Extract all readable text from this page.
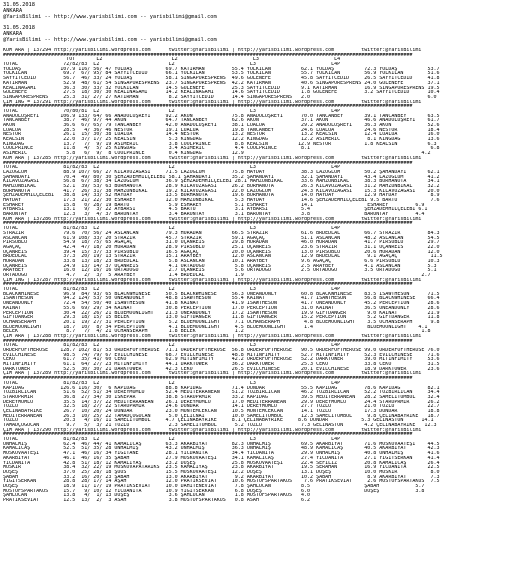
31.05.2018
ANKARA
@YarisBilimi -- http://www.yarisbilimi.com -- yarisbilimi@gmail.com
31.05.2018
ANKARA
@YarisBilimi -- http://www.yarisbilimi.com -- yarisbilimi@gmail.com
KUM ARA | 137294 http://yarisbilimi.wordpress.com      twitter:@YarisBilimi | http://yarisbilimi.wordpress.com         twitter:@YarisBilimi
########################################################################################################################################
TOT       L2                       L2                         L3                         L4
TOTAL               72/82/83  L2                       L2                         L3                         L4P
YOLDAŞ             107.9 116/ 56/ 47 YOLDAŞ           69.7 KATIRMAN         55.4 YOLKILAN          62.1 YOLDAŞ          72.3 YOLDAŞ          53.7
YOLKILAN            69.7  67/ 95/ 84 SAYYİTCEDİD      66.1 YOLKILAN         53.5 YOLKILAN          55.7 YOLKILAN        56.9 YOLKILAN        51.6
SAYYİTCEDİD         56.7  46/ 33/ 24 YOLDAŞ           58.1 SİNGAPORESPRENS  49.6 GÜLENEFE          45.8 SAYYİTCEDİD     26.5 SAYYİTCEDİD     41.8
KATIRMAN            52.9  48/ 61/ 54 SİNGAPORESPRENS  23.7 SİNGAPORESPRENS  42.2 KATIRMAN          40.6 SİNGAPORESPRENS 24.0 GÜLENEFE        37.1
KEALINAGAMI         36.3  30/ 33/ 32 YOLKILAN         14.5 GÜLENEFE         25.3 SAYYİTCEDİD       9.1 KATIRMAN         16.9 SİNGAPORESPRENS 19.5
GÜLENEFE            27.5  18/ 30/ 30 KEALINAGAMI      14.2 KEALINAGAMI      14.6 SAYYİTCEDİD       1.8 GÜLENEFE         3.2 SAYYİTCEDİD      10.4
SİNGAPORESPRENS     25.3  31/ 27/ 27 KATIRMAN          8.2 SAYYİTCEDİD      14.4 SİNGAPORESPRENS   2.0                                       6.0
ÇİM İNG = 137291 http://yarisbilimi.wordpress.com      twitter:@YarisBilimi | http://yarisbilimi.wordpress.com         twitter:@YarisBilimi
########################################################################################################################################
TOTAL               70/80/81  L2                       L2                         L3                         L4P
ANADOLUŞREYİ       106.9 133/ 64/ 66 ANADOLUŞREYİ     92.2 AKON             75.8 ANADOLUŞREYİ      70.0 TANCANBEY       39.1 TANCANBEY       63.5
TANCANBEY           38.7  46/ 97/ 44 AKON             64.7 TANCANBEY        62.6 AKON              37.1 AKON            46.6 ANADOLUŞREYİ    61.7
AKON                36.6  67/ 65/ 79 TANCANBEY        42.0 ANADOLUŞREYİ     38.1 LUALUA            29.2 ANADOLUŞREYİ    36.3 AKON            52.6
LUALUA              28.5   4/ 36/ 46 NESTOR           19.1 LUALUA           19.8 TANCANBEY         24.6 LUALUA          24.6 NESTOR          18.4
NESTOR              26.1  15/ 30/ 38 LUALUA           14.4 NESTOR           13.2 NESTOR            13.2 KEALSIN         12.4 LUALUA          16.0
KEALSIN             22.0  37/ 17/ 25 KEALSIN           5.3 KINGDAĞ          12.2 KINGDAĞ           12.2 ASİMERİC         8.1 KINGDAĞ         13.6
KINGDAĞ             13.7   7/  9/ 19 ASİMERİC          3.8 COOLPRINCE        8.8 KEALSIN          12.9 NESTOR           1.8 KEALSIN          6.3
COOLPRINCE          11.8   4/  5/ 25 KINGDAĞ           3.4 ASİMERİC          4.4 COOLPRINCE        8.1                                        6.8
ASİMERİC             5.8   6/  9/  8 COOLPRINCE        0.4 KINGDAĞ          12.9                                                           4.2
KUM ARA | 137285 http://yarisbilimi.wordpress.com      twitter:@YarisBilimi | http://yarisbilimi.wordpress.com         twitter:@YarisBilimi
########################################################################################################################################
TOTAL               81/82/83  L2                       L2                         L3                         L4P
LAZOĞLUM            88.9 107/ 66/ 27 KILAVUZAĞASI     71.5 LAZOĞLUM         75.8 HAYDAY            38.3 LAZOĞLUM        50.2 ŞAHANDAYI       62.1
ŞAHANDAYI           70.4  49/ 80/ 30 ŞEHZADEMHİLÇELEBİ 58.1 ŞAHANDAYI       35.2 ŞAHANDAYI         32.1 ŞAHANDAYI       43.4 LAZOĞLUM        41.2
KILAVUZAĞASI        56.8  67/ 38/ 34 LAZOĞLUM         36.9 ŞEHZADEMHİLÇELEBİ 28.1 MAHZUNBİKAL      33.6 MAHZUNBİKAL     38.3 BURHANOTA       34.1
MAHZUNBİKAL         52.1  39/ 53/ 63 BURHANOTA        28.9 KILAVUZAĞASI     26.2 BURHANOTA         26.3 KILAVUZAĞASI    31.2 MAHZUNBİKAL     32.2
BURHANOTA           41.7  26/ 31/ 38 MAHZUNBİKAL      19.2 KILAVUZAĞASI     22.0 LAZOĞLUM          24.3 KILAVUZAĞASI    15.3 KILAVUZAĞASI    20.0
ŞEHZADEMHİLÇELEBİ   38.8  14/ 33/ 52 HAYDAY           13.5 BURHANOTA        19.6 BURHANOTA         14.0 HAYDAY          12.9 HAYDAY           8.9
HAYDAY              17.3  21/ 22/ 30 ESHAREY          12.0 MAHZUNBİKAL       5.3 HAYDAY            14.6 ŞEHZADEMHİLÇELEBİ 9.5 BARTU           7.6
ESHAREY             15.8   0/ 28/ 19 BARTU             5.9 ESHAREY           5.1 ESHAREY           14.1                  ESHAREY         6.9
AYBARSI             13.1   9/  3/ 22 AYBARSI           4.5 BARTU             3.1 AYBARSI           5.4                  ŞEHZADEMHİLÇELEBİ 6.1
BARONTAY            12.3   3/  4/ 37 BARONTAY          3.4 BARONTAY          3.1 BARONTAY          3.8                  BARONTAY         4.4
KUM ARA | 137286 http://yarisbilimi.wordpress.com      twitter:@YarisBilimi | http://yarisbilimi.wordpress.com         twitter:@YarisBilimi
########################################################################################################################################
TOTAL               81/82/83  L2                       L2                         L3                         L4P
STRAZİR             79.6  70/ 56/ 24 ASLANCAN         79.3 HURADAN          66.5 STRAZİR           61.6 BRDEDLAL        66.7 STRAZİR         84.3
ASLANCAN            61.9 108/ 33/ 20 STRAZİR          45.7 STRAZİR          59.1 AĞAÇAÇ            51.1 ASLANCAN        48.2 ASLANCAN        54.5
PİRSUBLU            54.9  18/ 75/ 65 AĞAÇAÇ           31.0 UÇANREİS         29.8 HURADAN           46.0 HURADAN         41.7 PİRSUBLU        29.7
AĞAÇAÇ              42.4  47/ 18/ 20 HURADAN          28.9 PİRSUBLU         25.1 UÇANREİS          23.6 STRAZİR         31.1 UÇANREİS        22.0
UÇANREİS            39.4  15/ 37/ 33 PİRSUBLU         16.5 AĞAÇAÇ           20.0 UÇANREİS          13.0 PİRSUBLU        20.6 HURADAN         12.0
BRDEDLAL            37.3  20/ 19/ 13 STRAZİR          15.1 ARAYBEY          12.0 ASLANCAN          12.9 BRDEDLAL         9.1 AĞAÇAÇ           11.5
HURADAN             33.8  13/ 18/ 23 BRDEDLAL          5.8 ASLANCAN         10.1 ARAYBEY           9.6 AĞAÇAÇ           6.6 PİRSUBLU         10.3
UÇANREİS            24.9  13/ 14/ 37 UÇANREİS          4.1 ORTADOĞU          5.8 UÇANREİS          2.5 ARAYBEY          4.1 ASLANCAN         5.3
ARAYBEY             16.0  12/ 16/ 16 ORTADOĞU          2.7 UÇANREİS          5.6 ORTADOĞU          2.5 ORTADOĞU         3.5 ORTADOĞU         5.1
ORTADOĞU             4.7   2/  3/  5 ARAYBEY           1.4 BRDEDLAL          1.9                                                           2.7
ÇİM İNG | 137287 http://yarisbilimi.wordpress.com      twitter:@YarisBilimi | http://yarisbilimi.wordpress.com         twitter:@YarisBilimi
########################################################################################################################################
TOTAL               81/82/83  L2                       L2                         L3                         L4P
BLACKWHINESE        96.9  84/ 93/ 65 BLACKWHINESE     50.5 BLACKWHINESE     56.3 ONEANDONLY        60.8 BLACKWHINESE    83.5 ISAWTHESUN      71.5
ISAWTHESUN          94.2 124/ 53/ 50 ONEANDONLY       48.8 ISAWTHESUN       55.4 KAINAT            41.7 ISAWTHESUN      56.8 BLACKWHINESE    66.4
ONEANDONLY          72.4  54/ 50/ 40 ISAWTHESUN       41.8 KAINAT           41.9 ISAWTHESUN        41.7 ONEANDONLY      45.2 PERCEPTION      28.6
KAINAT              55.6  69/ 29/ 34 KAINAT           30.8 PERCEPTION       17.0 PERCEPTION        31.0 KAINAT          36.5 ONEANDONLY      28.6
PERCEPTION          30.4  22/ 26/ 21 BLUEMOONLIGHT    21.3 ONEANDONLY       17.2 ISAWTHESUN        19.9 GIFTDANGER       9.0 KAINAT          21.9
GIFTDANGER          29.3  18/ 15/ 15 BELEK            13.0 GIFTDANGER       11.8 GIFTDANGER        15.2 PERCEPTION       5.2 GIFTDANGER      11.8
OCHANSERAPH         20.1  19/ 27/ 31 PERCEPTION        5.2 BLUEMOONLIGHT     7.1 OCHANSERAPH        4.8 BLUEMOONLIGHT    3.5 OCHANSERAPH      9.8
BLUEMOONLIGHT       18.7  10/  8/ 34 PERCEPTION        4.1 BLUEMOONLIGHT     4.5 BLUEMOONLIGHT      1.4                  BLUEMOONLIGHT    4.1
BELEK                8.7   7/  4/ 21 OCHANSERAPH       1.8 BELEK             1.2                                                           1.8
ÇİM ARA | 137288 http://yarisbilimi.wordpress.com      twitter:@YarisBilimi | http://yarisbilimi.wordpress.com         twitter:@YarisBilimi
########################################################################################################################################
TOTAL               81/82/83  L2                       L2                         L3                         L4P
ORDERFOFTHEROSE    128.7 102/ 81/ 53 ORDERFOFTHEROSE  71.1 ORDERFOFTHEROSE  56.8 ORDERFOFTHEROSE   90.5 ORDERFOFTHEROSE 99.0 ORDERFOFTHEROSE 76.0
EVILCHİNESE         98.5  74/ 79/ 67 EVILCHİNESE      68.7 EVILCHİNESE      48.8 MİTİNFIMITY       52.7 MİTİNFIMITY     52.3 EVILCHİNESE     71.6
CEKO                61.7  35/ 41/ 60 CEKO             62.9 MİTİNFIMITY      42.2 ORDERFOFTHEROSE   52.2 DARKTOWER       39.0 MİTİNFIMITY     53.6
MİTİNFIMITY         61.1  64/ 27/ 23 MİTİNFIMITY      44.1 DARKTOWER        36.2 DARKTOWER         25.3 CEKO            33.8 CEKO            31.5
DARKTOWER           52.5  30/ 30/ 21 DARKTOWER        42.3 CEKO             26.5 EVILCHİNESE       20.1 EVILCHİNESE     18.9 DARKTOWER       23.6
ÇİM ARA | 137289 http://yarisbilimi.wordpress.com      twitter:@YarisBilimi | http://yarisbilimi.wordpress.com         twitter:@YarisBilimi
########################################################################################################################################
TOTAL               81/82/83  L2                       L2                         L3                         L4P
KAPIDAĞ            126.6 116/ 30/  6 KAPIDAĞ          88.8 KAPIDAĞ          71.4 DUNDAR            55.5 KAPIDAĞ         78.6 KAPIDAĞ         82.1
TOZBİRLİCAN         51.6  52/ 51/ 34 DEREYMUMLU       52.4 MEDİTERRANEAN    51.2 TOZBİRLİCAN       46.2 TOZBİRLİCAN     52.2 TOZBİRLİCAN     34.4
STAROPRMİR          36.8  27/ 34/ 30 İSKEPAR          38.8 STAROPRMİR       33.2 KAPIDAĞ           39.5 MEDİTERRANEAN   28.2 SAMELİTUMBUL    32.4
DEREYMUMLU          35.5  14/ 37/ 22 MEDİTERRANEAN    26.1 DEREYMUMLU       17.0 MEDİTERRANEAN     29.9 DEREYMUMLU      24.4 STAROPRMİR      26.2
TOZLU               32.5  18/ 27/ 22 STAROPRMİR       24.6 DUNDAR           14.1 DEREYMUMLU        27.7 TOZLU           21.0 TOZLU           22.7
ÇELİNABAYRIKE       26.7  10/ 20/ 24 DUNDAR           23.0 MÜNTEMCEKCAN     10.5 MÜNTEMCEKCAN      14.1 TOZLU           17.3 DUNDAR          18.8
MEDİTERRANEAN       26.3  10/ 25/ 22 TAMADÇOĞUCAN      5.0 ÇELİCNAİ         10.0 SAMELİTUMBUL      12.3 SAMELİTUMBUL     9.8 ÇELİNABAYRIKE   18.7
TOZLU               20.3   4/ 16/ 11 SAMELİTUMBUL     4.7 ÇELİNABAYRIKE     8.1 ÇELİNABAYRIKE     8.6 DUNDAR           5.3 GELİNASTON      14.1
TAMADÇOĞUCAN         9.7   5/  3/ 21 TOZLU             2.3 SAMELİTUMBUL      5.2 TOZLU             7.3 GELİNASTON       4.2 ÇELİNABAYRIKE   12.3
ÇİM ARA | 137290 http://yarisbilimi.wordpress.com      twitter:@YarisBilimi | http://yarisbilimi.wordpress.com         twitter:@YarisBilimi
########################################################################################################################################
TOTAL               81/82/83  L2                       L2                         L3                         L4P
ÜNHALMIŞ            62.4  46/ 44/ 41 KAMALICAŞ        63.3 AKARBIYAT        82.3 ÜNHALMIŞ          69.5 AKARBIYAT       71.6 MOSKOVAATEŞİ    44.5
KAMALICAŞ           52.5  51/ 35/ 28 ÜNHALMIŞ         43.2 ÜNHALMIŞ         36.3 ÜNHALMIŞ          48.9 KAMALICAŞ       40.5 AKARBIYAT       42.3
MOSKOVAATEŞİ        47.1  46/ 16/ 34 YİĞİTANE         28.1 YİCDANİTA        34.4 YİCDANİTA         29.9 ÜNHALMIŞ        40.8 ÜNHALMIŞ        41.6
AKARBIYAT           46.1  46/ 16/ 35 ŞABAH            27.9 MOSKOVAATEŞİ     34.1 KAMALICAŞ         27.4 YİCDANİTA       27.1 YİĞİTSERKAN     41.4
YİCDANİTA           42.8  51/ 18/ 12 KAMALIYAŞ        23.2 DÜŞEŞ            25.8 MOSKOVAATEŞİ      22.4 SEFİLİZ         20.8 KAMALICAŞ       26.4
MUSKİR              38.4  32/ 22/ 19 MOSKOVAPATARİKS  23.5 KAMALIYAŞ        23.8 AKARBIYAT         19.5 SERAHAN         16.9 YİCDANİTA       22.5
DÜŞEŞ               37.0  25/ 28/ 18 ŞUUS             15.5 MOSKOVAATEŞİ     12.2 DÜŞEŞ             13.1 DÜŞEŞ           10.0 MUSKİR           8.0
ŞABAH               33.2  16/ 20/ 23 ŞABAH            13.0 AKARBIYAT         9.2 AKARBIYAT         10.2 ŞABAH            8.9 AKARBIYAT        7.3
YİĞİTSERKAN         28.8  28/ 17/ 14 AŞAH             12.0 PRATİKSEVİAT     10.6 MOSTOFSPARTAKUS    7.6 PRATİKSEVİAT     2.6 MOSTOFSPARTAKUS  7.5
DÜŞEŞ               18.9  11/ 17/ 19 PRATİKSEVİAT     10.0 DAHİTENEVİAT      7.8 ŞAHLUCAN          8.5                  ŞABAH            5.7
MOSTOFSPARTAKUS     15.7   9/ 10/ 12 YİCDANİTA        10.9 YİĞİTSERKAN       6.8 DÜŞEŞ             6.0                  DÜŞEŞ            3.8
ŞAHLUCAN            13.8   4/  1/ 13 DÜŞEŞ             3.6 ŞAHLUCAN          1.8 MOSTOFSPARTAKUS   4.0
PRATİKSEVİAT        12.5  13/  2/  3 ASAH              3.8 MOSTOFSPARTAKUS   0.8 ASAH              6.2
